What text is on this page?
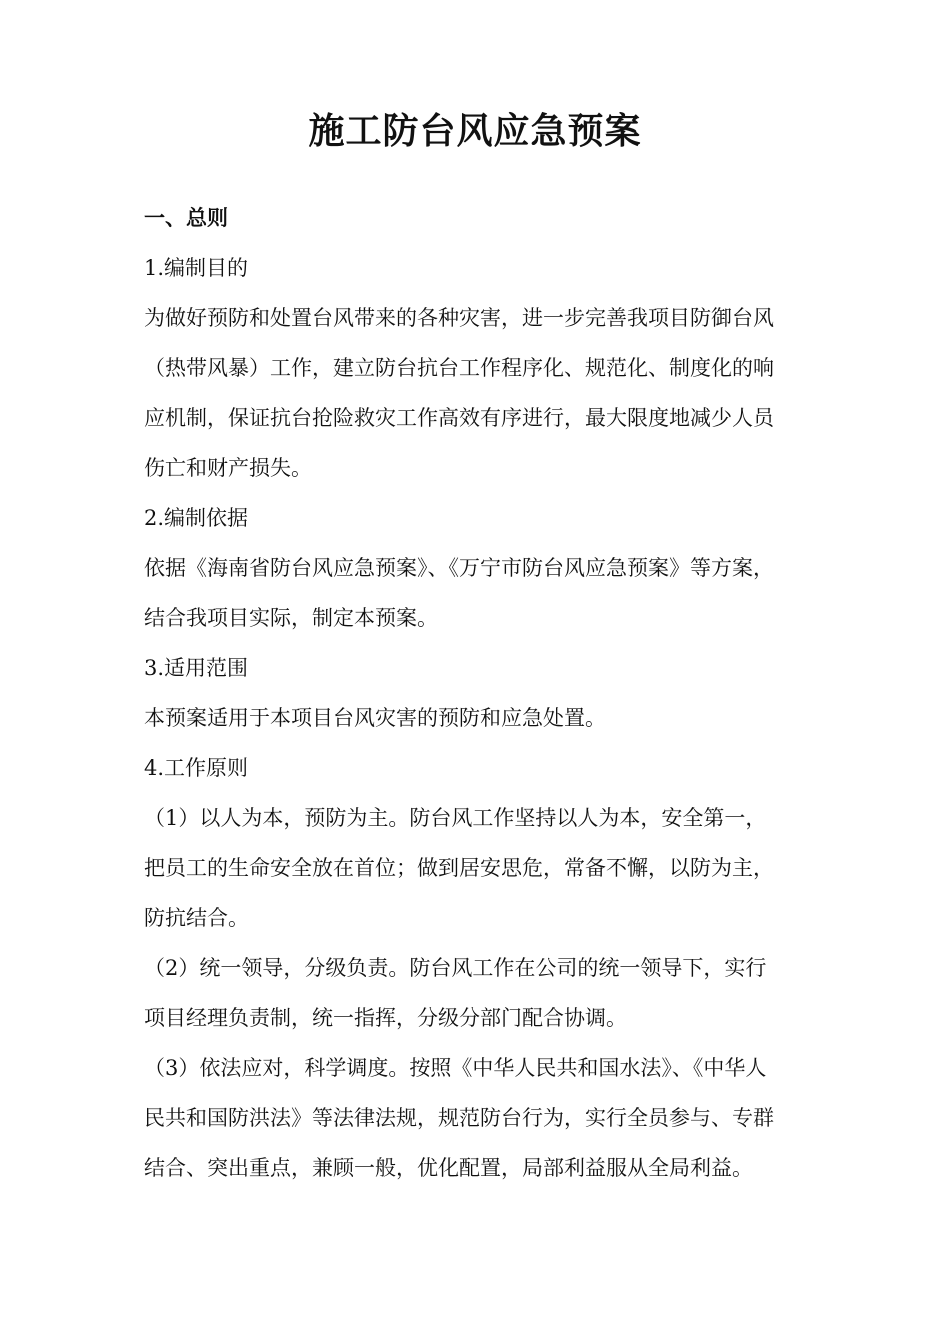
施工防台风应急预案
一、总则
1.编制目的
为做好预防和处置台风带来的各种灾害，进一步完善我项目防御台风
（热带风暴）工作，建立防台抗台工作程序化、规范化、制度化的响
应机制，保证抗台抢险救灾工作高效有序进行，最大限度地减少人员
伤亡和财产损失。
2.编制依据
依据《海南省防台风应急预案》、《万宁市防台风应急预案》等方案，
结合我项目实际，制定本预案。
3.适用范围
本预案适用于本项目台风灾害的预防和应急处置。
4.工作原则
（1）以人为本，预防为主。防台风工作坚持以人为本，安全第一，
把员工的生命安全放在首位；做到居安思危，常备不懈，以防为主，
防抗结合。
（2）统一领导，分级负责。防台风工作在公司的统一领导下，实行
项目经理负责制，统一指挥，分级分部门配合协调。
（3）依法应对，科学调度。按照《中华人民共和国水法》、《中华人
民共和国防洪法》等法律法规，规范防台行为，实行全员参与、专群
结合、突出重点，兼顾一般，优化配置，局部利益服从全局利益。
